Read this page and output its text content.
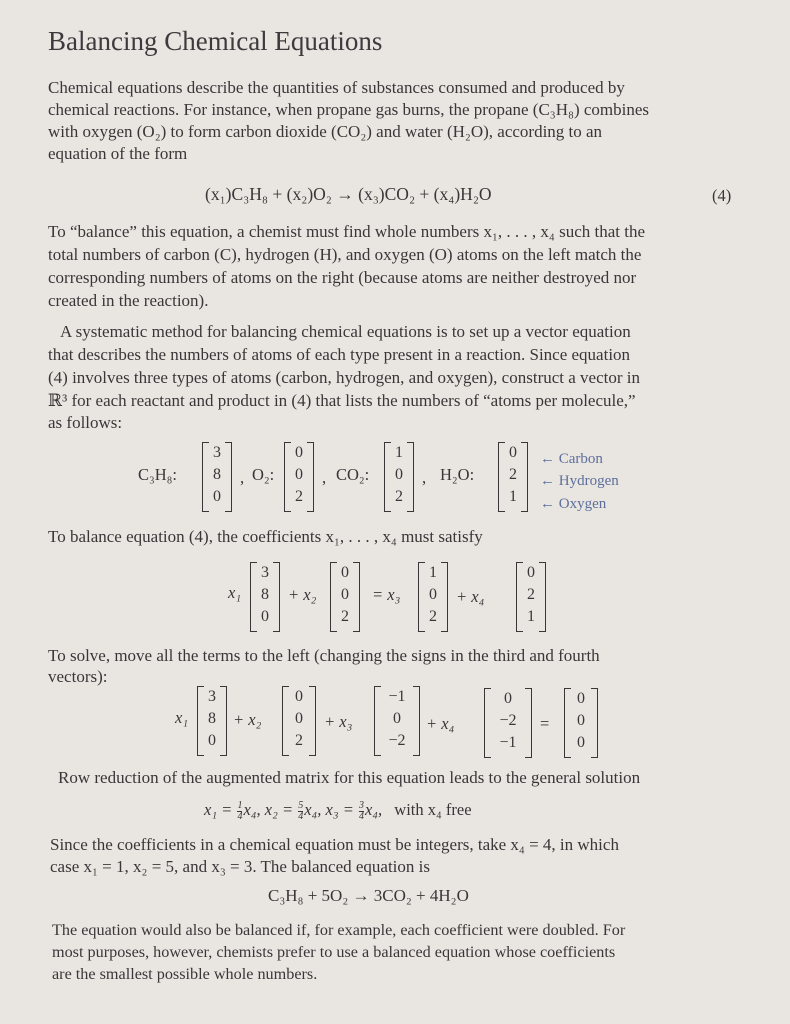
Balancing Chemical Equations
Chemical equations describe the quantities of substances consumed and produced by
chemical reactions. For instance, when propane gas burns, the propane (C₃H₈) combines
with oxygen (O₂) to form carbon dioxide (CO₂) and water (H₂O), according to an
equation of the form
(x₁)C₃H₈ + (x₂)O₂ → (x₃)CO₂ + (x₄)H₂O	(4)
To “balance” this equation, a chemist must find whole numbers x₁, . . . , x₄ such that the
total numbers of carbon (C), hydrogen (H), and oxygen (O) atoms on the left match the
corresponding numbers of atoms on the right (because atoms are neither destroyed nor
created in the reaction).
A systematic method for balancing chemical equations is to set up a vector equation
that describes the numbers of atoms of each type present in a reaction. Since equation
(4) involves three types of atoms (carbon, hydrogen, and oxygen), construct a vector in
ℝ³ for each reactant and product in (4) that lists the numbers of “atoms per molecule,”
as follows:
C₃H₈:
3
8
0
, O₂:
0
0
2
, CO₂:
1
0
2
, H₂O:
0
2
1
← Carbon
← Hydrogen
← Oxygen
To balance equation (4), the coefficients x₁, . . . , x₄ must satisfy
x₁
3
8
0
+ x₂
0
0
2
= x₃
1
0
2
+ x₄
0
2
1
To solve, move all the terms to the left (changing the signs in the third and fourth
vectors):
x₁
3
8
0
+ x₂
0
0
2
+ x₃
−1
0
−2
+ x₄
0
−2
−1
=
0
0
0
Row reduction of the augmented matrix for this equation leads to the general solution
$x_1 = \frac{1}{4} x_4$, $x_2 = \frac{5}{4} x_4$, $x_3 = \frac{3}{4} x_4$, with x₄ free
Since the coefficients in a chemical equation must be integers, take x₄ = 4, in which
case x₁ = 1, x₂ = 5, and x₃ = 3. The balanced equation is
C₃H₈ + 5O₂ → 3CO₂ + 4H₂O
The equation would also be balanced if, for example, each coefficient were doubled. For
most purposes, however, chemists prefer to use a balanced equation whose coefficients
are the smallest possible whole numbers.
